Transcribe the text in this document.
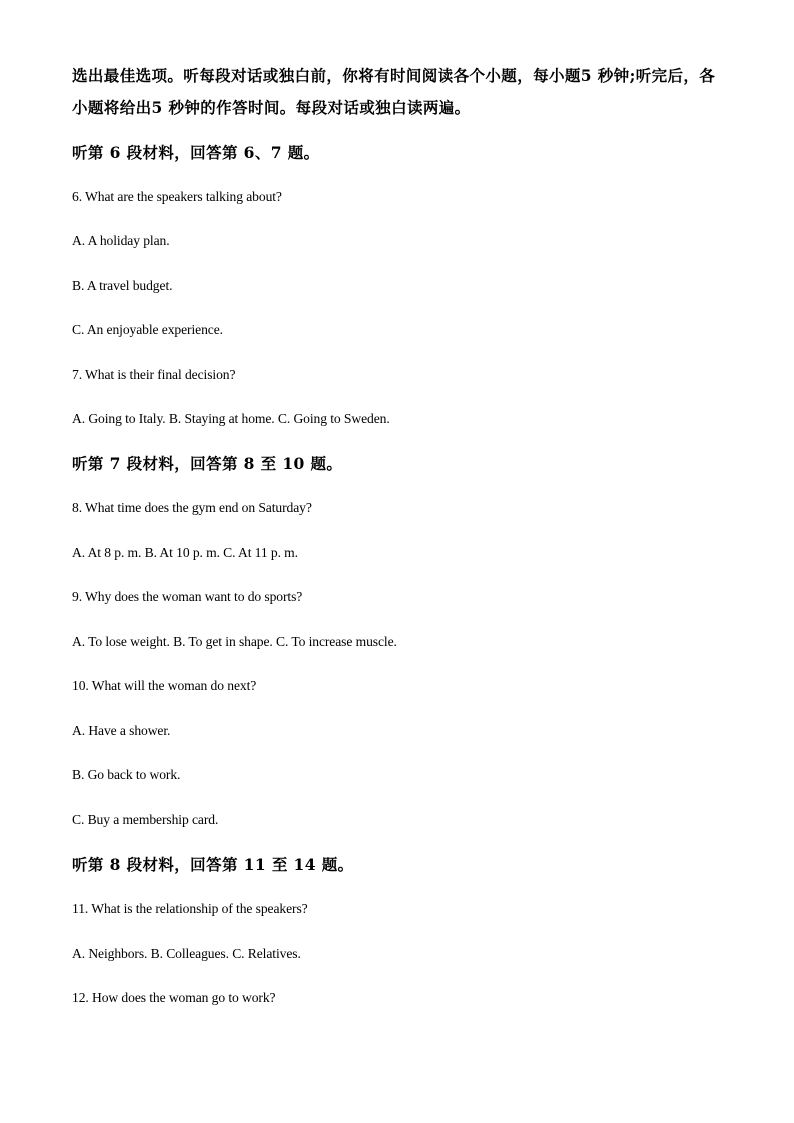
选出最佳选项。听每段对话或独白前，你将有时间阅读各个小题，每小题5 秒钟;听完后，各
小题将给出5 秒钟的作答时间。每段对话或独白读两遍。
听第 6 段材料，回答第 6、7 题。
6. What are the speakers talking about?
A. A holiday plan.
B. A travel budget.
C. An enjoyable experience.
7. What is their final decision?
A. Going to Italy. B. Staying at home. C. Going to Sweden.
听第 7 段材料，回答第 8 至 10 题。
8. What time does the gym end on Saturday?
A. At 8 p. m. B. At 10 p. m. C. At 11 p. m.
9. Why does the woman want to do sports?
A. To lose weight. B. To get in shape. C. To increase muscle.
10. What will the woman do next?
A. Have a shower.
B. Go back to work.
C. Buy a membership card.
听第 8 段材料，回答第 11 至 14 题。
11. What is the relationship of the speakers?
A. Neighbors. B. Colleagues. C. Relatives.
12. How does the woman go to work?
